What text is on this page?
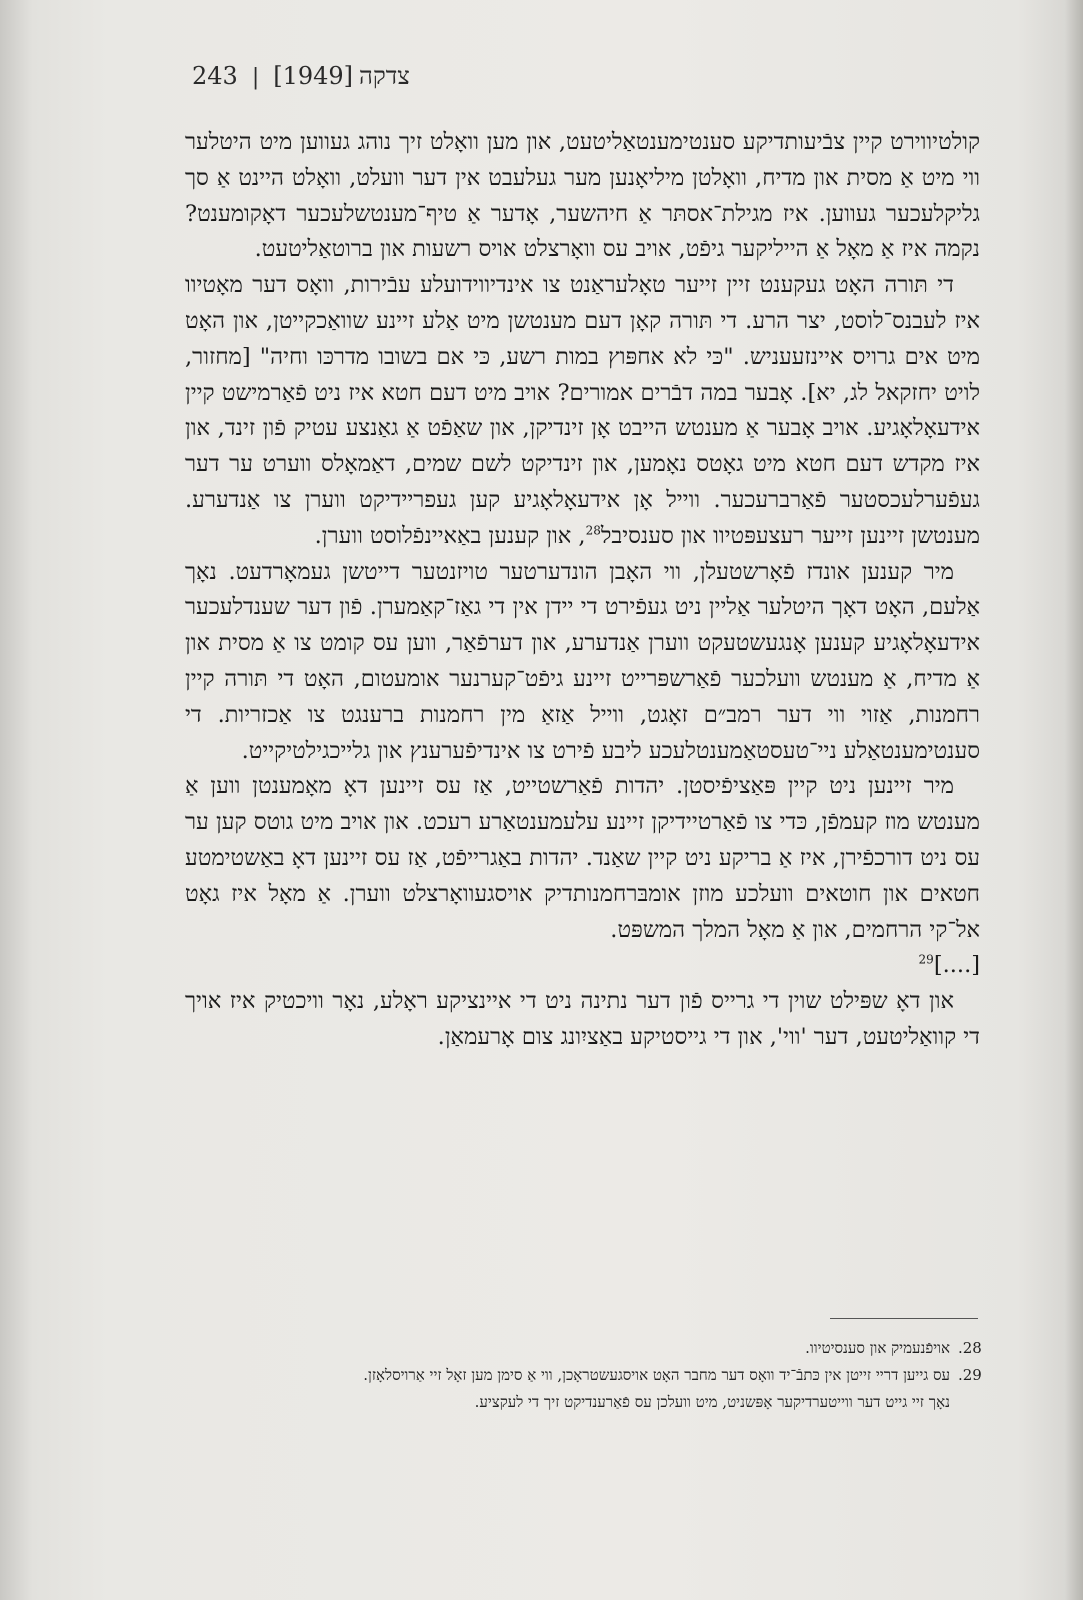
243 | [1949] צדקה

קולטיווירט קיין צבֿיעותדיקע סענטימענטאַליטעט, און מען וואָלט זיך נוהג געווען מיט היטלער ווי מיט אַ מסית און מדיח, וואָלטן מיליאָנען מער געלעבט אין דער וועלט, וואָלט היינט אַ סך גליקלעכער געווען. איז מגילת־אסתּר אַ חיהשער, אָדער אַ טיף־מענטשלעכער דאָקומענט? נקמה איז אַ מאָל אַ הייליקער גיפֿט, אויב עס וואָרצלט אויס רשעות און ברוטאַליטעט.

די תּורה האָט געקענט זיין זייער טאָלעראַנט צו אינדיווידועלע עבֿירות, וואָס דער מאָטיוו איז לעבנס־לוסט, יצר הרע. די תּורה קאָן דעם מענטשן מיט אַלע זיינע שוואַכקייטן, און האָט מיט אים גרויס איינזעעניש. "כּי לא אחפּוץ במות רשע, כּי אם בשובו מדרכּו וחיה" [מחזור, לויט יחזקאל לג, יא]. אָבער במה דבֿרים אמורים? אויב מיט דעם חטא איז ניט פֿאַרמישט קיין אידעאָלאָגיע. אויב אָבער אַ מענטש הייבט אָן זינדיקן, און שאַפֿט אַ גאַנצע עטיק פֿון זינד, און איז מקדש דעם חטא מיט גאָטס נאָמען, און זינדיקט לשם שמים, דאַמאָלס ווערט ער דער געפֿערלעכסטער פֿאַרברעכער. ווייל אָן אידעאָלאָגיע קען געפריידיקט ווערן צו אַנדערע. מענטשן זיינען זייער רעצעפּטיוו און סענסיבל$^{28}$, און קענען באַאיינפֿלוסט ווערן.

מיר קענען אונדז פֿאָרשטעלן, ווי האָבן הונדערטער טויזנטער דייטשן געמאָרדעט. נאָך אַלעם, האָט דאָך היטלער אַליין ניט געפֿירט די יידן אין די גאַז־קאַמערן. פֿון דער שענדלעכער אידעאָלאָגיע קענען אָנגעשטעקט ווערן אַנדערע, און דערפֿאַר, ווען עס קומט צו אַ מסית און אַ מדיח, אַ מענטש וועלכער פֿאַרשפּרייט זיינע גיפֿט־קערנער אומעטום, האָט די תּורה קיין רחמנות, אַזוי ווי דער רמב״ם זאָגט, ווייל אַזאַ מין רחמנות ברענגט צו אַכזריות. די סענטימענטאַלע ניי־טעסטאַמענטלעכע ליבע פֿירט צו אינדיפֿערענץ און גלייכגילטיקייט.

מיר זיינען ניט קיין פּאַציפֿיסטן. יהדות פֿאַרשטייט, אַז עס זיינען דאָ מאָמענטן ווען אַ מענטש מוז קעמפֿן, כּדי צו פֿאַרטיידיקן זיינע עלעמענטאַרע רעכט. און אויב מיט גוטס קען ער עס ניט דורכפֿירן, איז אַ בריקע ניט קיין שאַנד. יהדות באַגרייפֿט, אַז עס זיינען דאָ באַשטימטע חטאים און חוטאים וועלכע מוזן אומבּרחמנותדיק אויסגעוואָרצלט ווערן. אַ מאָל איז גאָט אל־קי הרחמים, און אַ מאָל המלך המשפּט.
[....]$^{29}$

און דאָ שפּילט שוין די גרייס פֿון דער נתינה ניט די איינציקע ראָלע, נאָר וויכטיק איז אויך די קוואַליטעט, דער 'ווי', און די גייסטיקע באַציִונג צום אָרעמאַן.

.28
אויפֿנעמיק און סענסיטיוו.
.29
עס גייען דריי זייטן אין כּתבֿ־יד וואָס דער מחבר האָט אויסגעשטראָכן, ווי אַ סימן מען זאָל זיי אַרויסלאָזן.
נאָך זיי גייט דער ווייטערדיקער אָפּשניט, מיט וועלכן עס פֿאַרענדיקט זיך די לעקציע.
